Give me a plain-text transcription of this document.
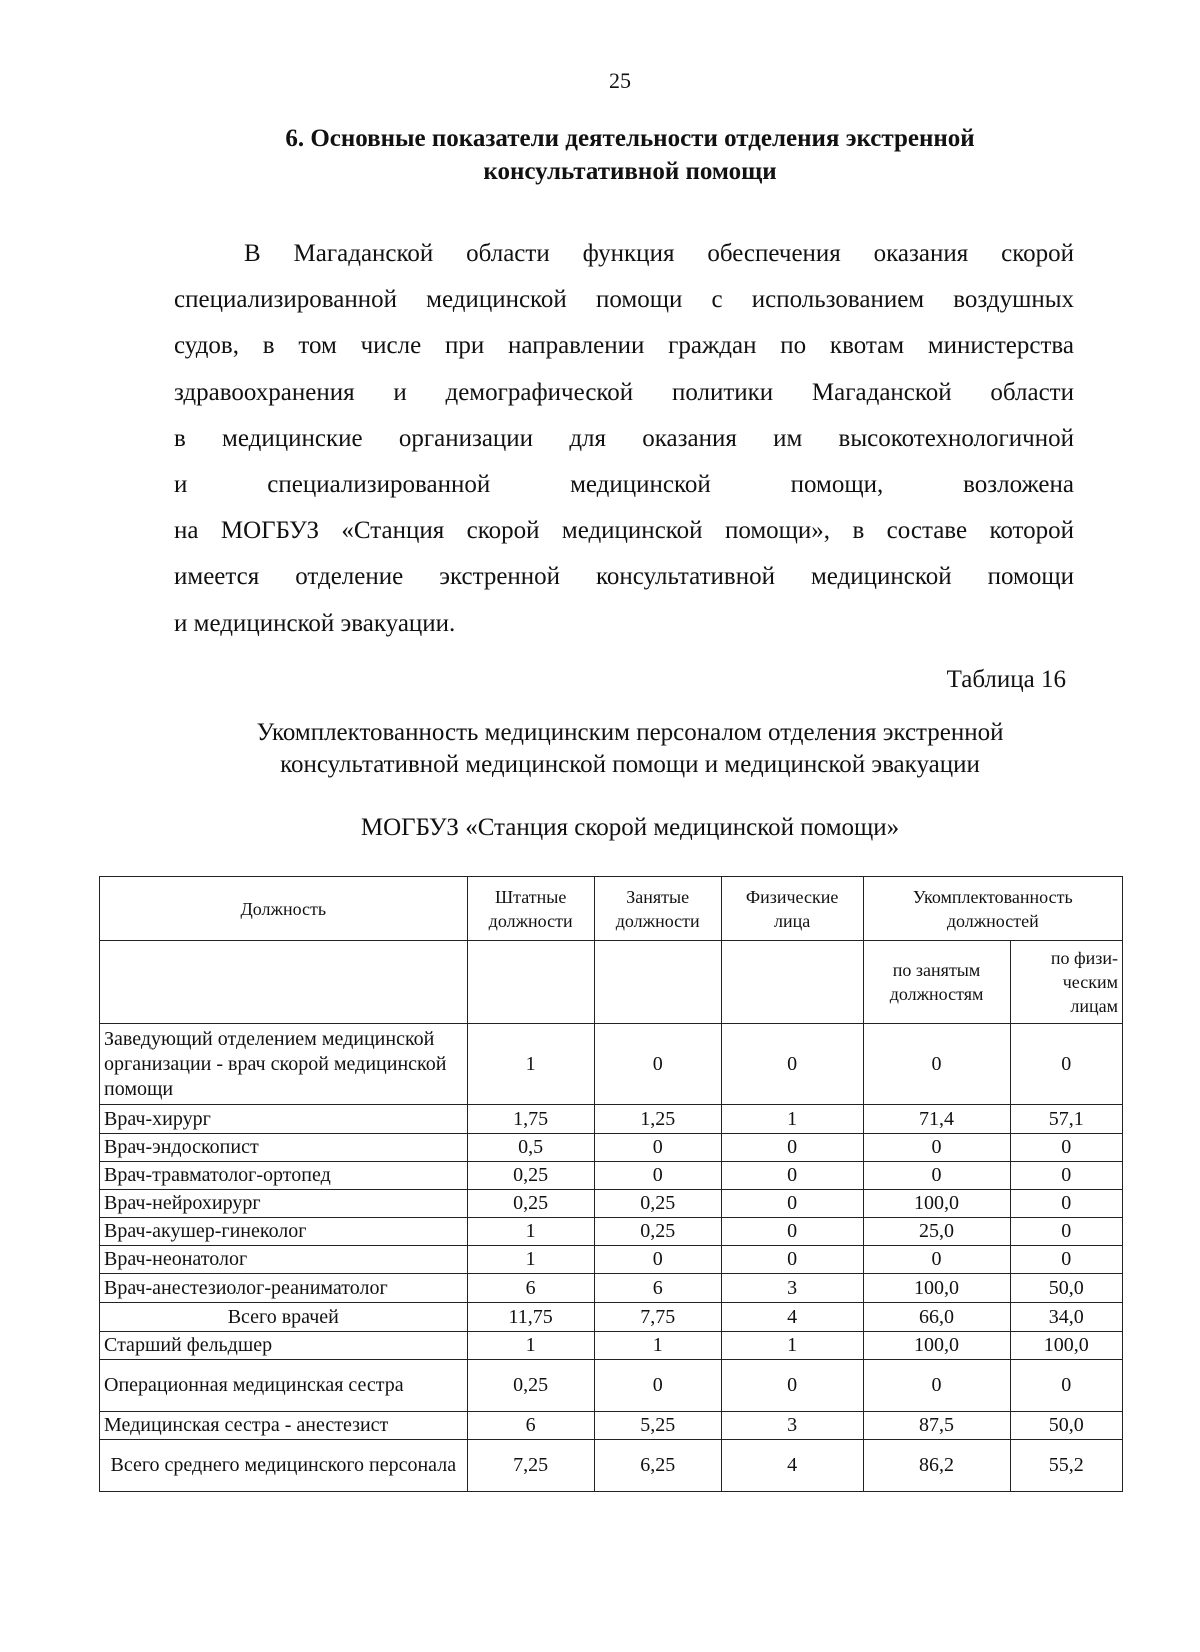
25
6. Основные показатели деятельности отделения экстренной
консультативной помощи
В Магаданской области функция обеспечения оказания скорой
специализированной медицинской помощи с использованием воздушных
судов, в том числе при направлении граждан по квотам министерства
здравоохранения и демографической политики Магаданской области
в медицинские организации для оказания им высокотехнологичной
и специализированной медицинской помощи, возложена
на МОГБУЗ «Станция скорой медицинской помощи», в составе которой
имеется отделение экстренной консультативной медицинской помощи
и медицинской эвакуации.
Таблица 16
Укомплектованность медицинским персоналом отделения экстренной
консультативной медицинской помощи и медицинской эвакуации
МОГБУЗ «Станция скорой медицинской помощи»
Должность	Штатные должности	Занятые должности	Физические лица	Укомплектованность должностей	
				по занятым должностям	по физи-ческим лицам
Заведующий отделением медицинской организации - врач скорой медицинской помощи	1	0	0	0	0
Врач-хирург	1,75	1,25	1	71,4	57,1
Врач-эндоскопист	0,5	0	0	0	0
Врач-травматолог-ортопед	0,25	0	0	0	0
Врач-нейрохирург	0,25	0,25	0	100,0	0
Врач-акушер-гинеколог	1	0,25	0	25,0	0
Врач-неонатолог	1	0	0	0	0
Врач-анестезиолог-реаниматолог	6	6	3	100,0	50,0
Всего врачей	11,75	7,75	4	66,0	34,0
Старший фельдшер	1	1	1	100,0	100,0
Операционная медицинская сестра	0,25	0	0	0	0
Медицинская сестра - анестезист	6	5,25	3	87,5	50,0
Всего среднего медицинского персонала	7,25	6,25	4	86,2	55,2
